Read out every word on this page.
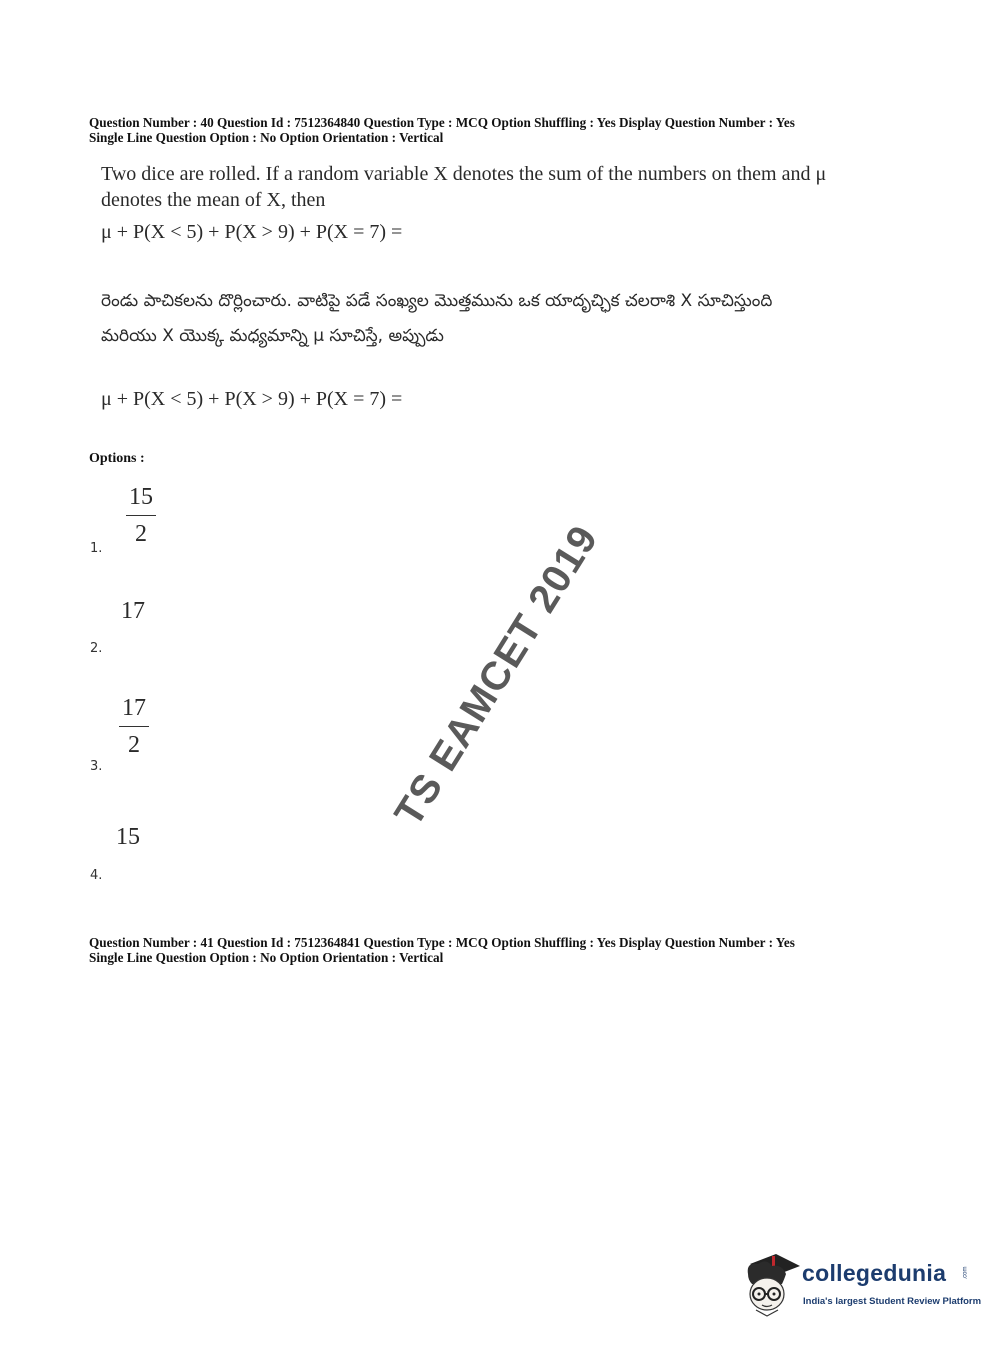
Question Number : 40 Question Id : 7512364840 Question Type : MCQ Option Shuffling : Yes Display Question Number : Yes
Single Line Question Option : No Option Orientation : Vertical
Two dice are rolled. If a random variable X denotes the sum of the numbers on them and μ
denotes the mean of X, then
μ + P(X < 5) + P(X > 9) + P(X = 7) =
రెండు పాచికలను దొర్లించారు. వాటిపై పడే సంఖ్యల మొత్తమును ఒక యాదృచ్ఛిక చలరాశి X సూచిస్తుంది
మరియు X యొక్క మధ్యమాన్ని μ సూచిస్తే, అప్పుడు
μ + P(X < 5) + P(X > 9) + P(X = 7) =
Options :
15
2
1.
17
2.
17
2
3.
15
4.
Question Number : 41 Question Id : 7512364841 Question Type : MCQ Option Shuffling : Yes Display Question Number : Yes
Single Line Question Option : No Option Orientation : Vertical
TS EAMCET 2019
collegedunia	.com
India's largest Student Review Platform
